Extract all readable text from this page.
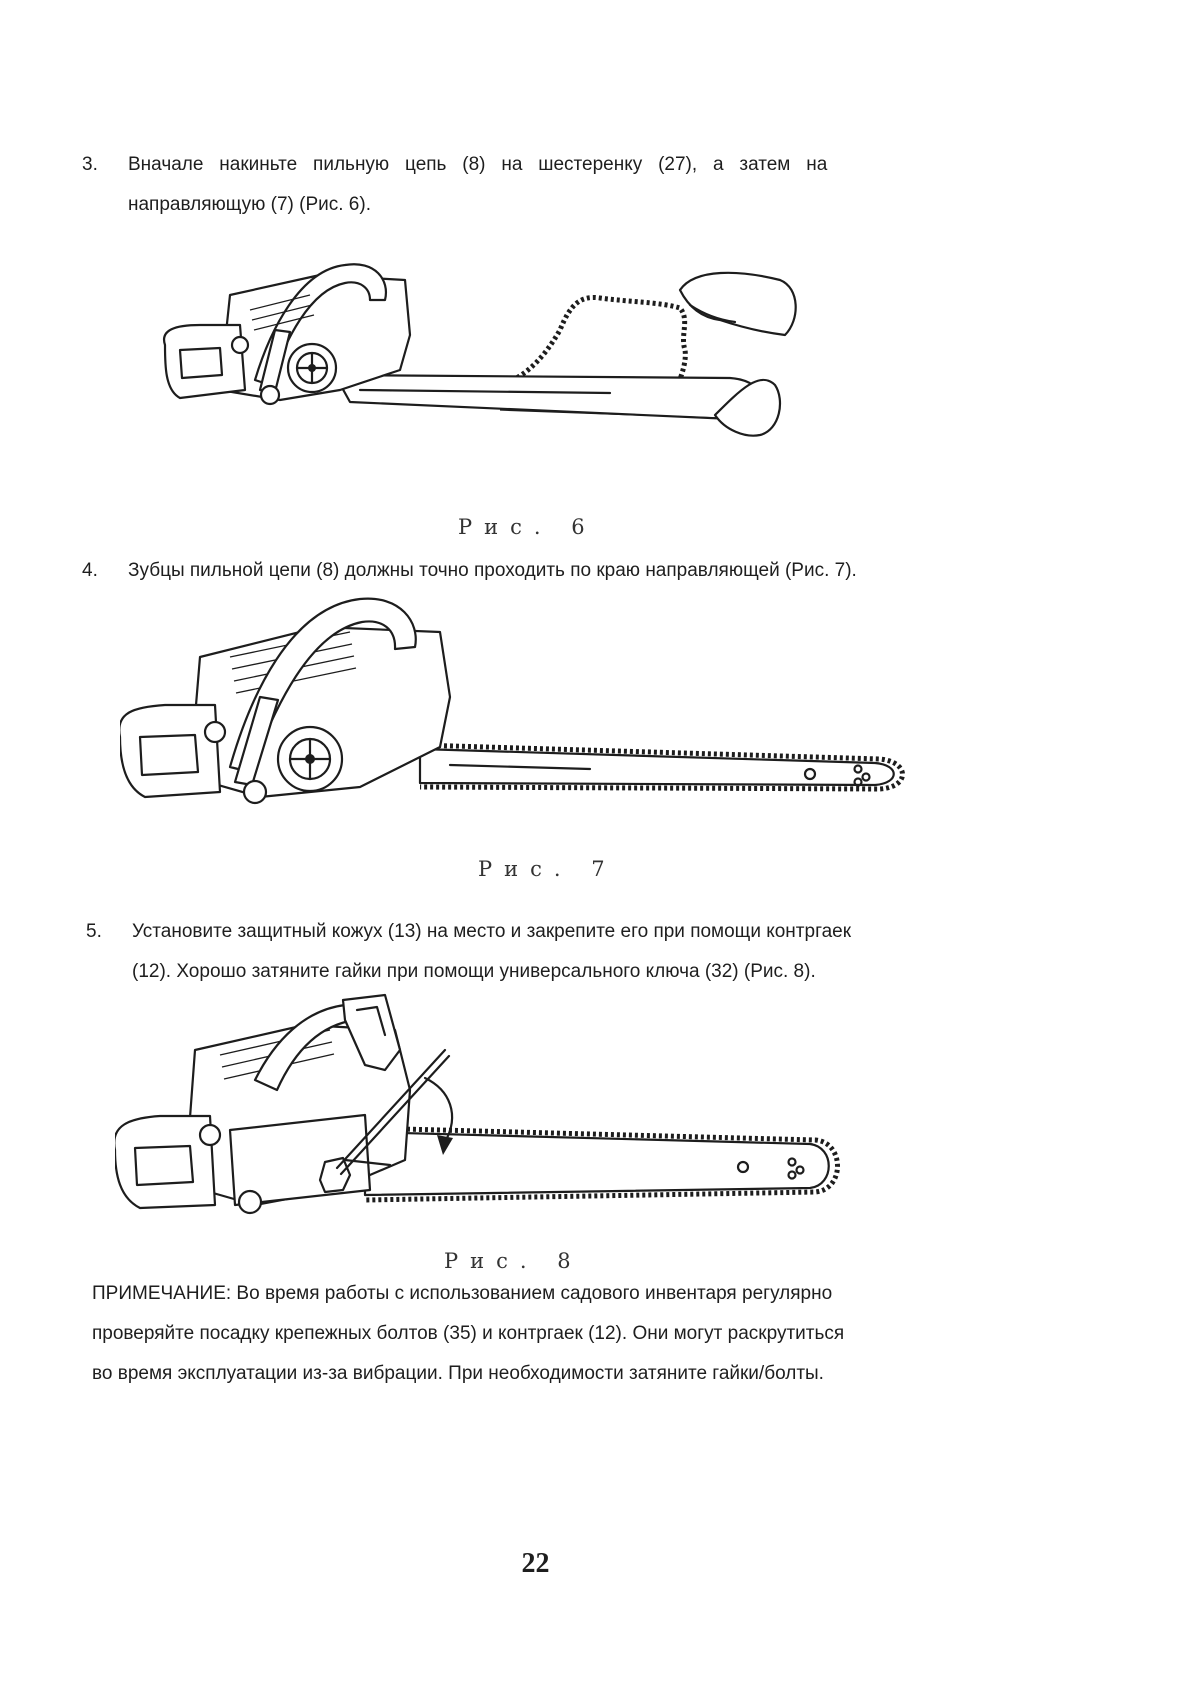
3. Вначале   накиньте   пильную   цепь   (8)   на   шестеренку   (27),   а   затем   на
направляющую (7) (Рис. 6).
Рис. 6
4. Зубцы пильной цепи (8) должны точно проходить по краю направляющей (Рис. 7).
Рис. 7
5. Установите защитный кожух (13) на место и закрепите его при помощи контргаек
(12). Хорошо затяните гайки при помощи универсального ключа (32) (Рис. 8).
Рис. 8
ПРИМЕЧАНИЕ: Во время работы с использованием садового инвентаря регулярно
проверяйте посадку крепежных болтов (35) и контргаек (12). Они могут раскрутиться
во время эксплуатации из-за вибрации. При необходимости затяните гайки/болты.
22
